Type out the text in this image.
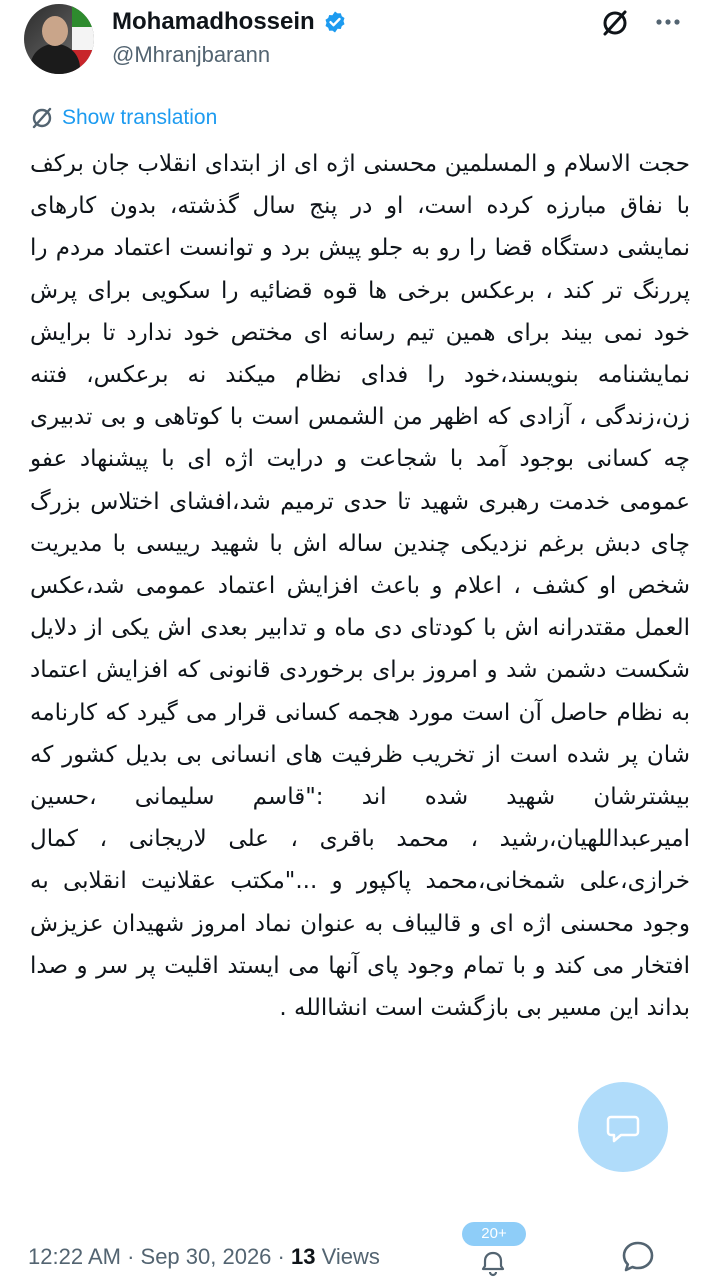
Mohamadhossein
@Mhranjbarann
Show translation
حجت الاسلام و المسلمین محسنی اژه ای از ابتدای انقلاب جان برکف با نفاق مبارزه کرده است، او در پنج سال گذشته، بدون کارهای نمایشی دستگاه قضا را رو به جلو پیش برد و توانست اعتماد مردم را پررنگ تر کند ، برعکس برخی ها قوه قضائیه را سکویی برای پرش خود نمی بیند برای همین تیم رسانه ای مختص خود ندارد تا برایش نمایشنامه بنویسند،خود را فدای نظام میکند نه برعکس، فتنه زن،زندگی ، آزادی که اظهر من الشمس است با کوتاهی و بی تدبیری چه کسانی بوجود آمد با شجاعت و درایت اژه ای با پیشنهاد عفو عمومی خدمت رهبری شهید تا حدی ترمیم شد،افشای اختلاس بزرگ چای دبش برغم نزدیکی چندین ساله اش با شهید رییسی با مدیریت شخص او کشف ، اعلام و باعث افزایش اعتماد عمومی شد،عکس العمل مقتدرانه اش با کودتای دی ماه و تدابیر بعدی اش یکی از دلایل شکست دشمن شد و امروز برای برخوردی قانونی که افزایش اعتماد به نظام حاصل آن است مورد هجمه کسانی قرار می گیرد که کارنامه شان پر شده است از تخریب ظرفیت های انسانی بی بدیل کشور که بیشترشان شهید شده اند :"قاسم سلیمانی ،حسین امیرعبداللهیان،رشید ، محمد باقری ، علی لاریجانی ، کمال خرازی،علی شمخانی،محمد پاکپور و ..."مکتب عقلانیت انقلابی به وجود محسنی اژه ای و قالیباف به عنوان نماد امروز شهیدان عزیزش افتخار می کند و با تمام وجود پای آنها می ایستد اقلیت پر سر و صدا بداند این مسیر بی بازگشت است انشاالله .
12:22 AM · Sep 30, 2026 · 13 Views
20+
